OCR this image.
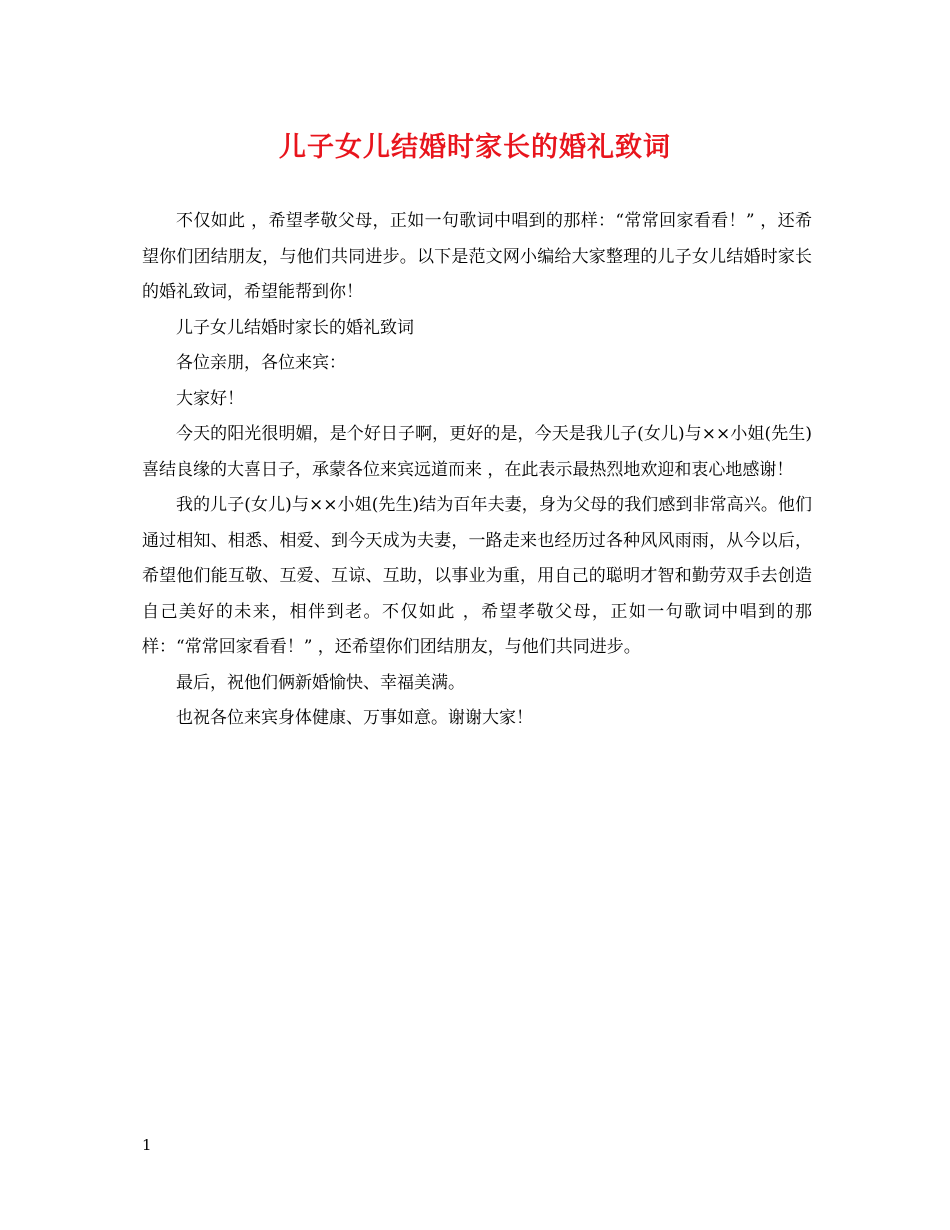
儿子女儿结婚时家长的婚礼致词

不仅如此 ，希望孝敬父母，正如一句歌词中唱到的那样：“常常回家看看！” ，还希望你们团结朋友，与他们共同进步。以下是范文网小编给大家整理的儿子女儿结婚时家长的婚礼致词，希望能帮到你！

儿子女儿结婚时家长的婚礼致词

各位亲朋，各位来宾：

大家好！

今天的阳光很明媚，是个好日子啊，更好的是，今天是我儿子(女儿)与××小姐(先生)喜结良缘的大喜日子，承蒙各位来宾远道而来 ，在此表示最热烈地欢迎和衷心地感谢！

我的儿子(女儿)与××小姐(先生)结为百年夫妻，身为父母的我们感到非常高兴。他们通过相知、相悉、相爱、到今天成为夫妻，一路走来也经历过各种风风雨雨，从今以后，希望他们能互敬、互爱、互谅、互助，以事业为重，用自己的聪明才智和勤劳双手去创造自己美好的未来，相伴到老。不仅如此 ，希望孝敬父母，正如一句歌词中唱到的那样：“常常回家看看！” ，还希望你们团结朋友，与他们共同进步。

最后，祝他们俩新婚愉快、幸福美满。

也祝各位来宾身体健康、万事如意。谢谢大家！

1
